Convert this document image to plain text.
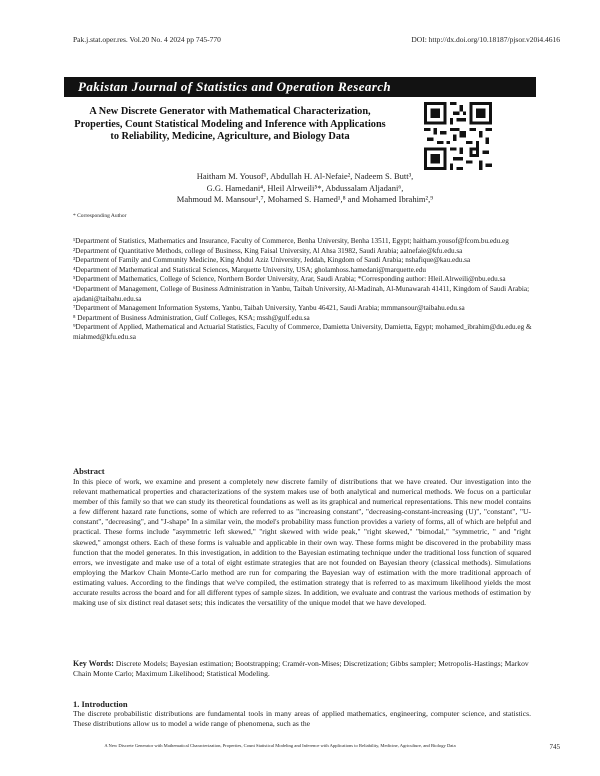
Pak.j.stat.oper.res. Vol.20 No. 4 2024 pp 745-770	DOI: http://dx.doi.org/10.18187/pjsor.v20i4.4616
Pakistan Journal of Statistics and Operation Research
A New Discrete Generator with Mathematical Characterization, Properties, Count Statistical Modeling and Inference with Applications to Reliability, Medicine, Agriculture, and Biology Data
Haitham M. Yousof¹, Abdullah H. Al-Nefaie², Nadeem S. Butt³,
G.G. Hamedani⁴, Hleil Alrweili⁵*, Abdussalam Aljadani⁶,
Mahmoud M. Mansour¹,⁷, Mohamed S. Hamed¹,⁸ and Mohamed Ibrahim²,⁹
* Corresponding Author
¹Department of Statistics, Mathematics and Insurance, Faculty of Commerce, Benha University, Benha 13511, Egypt; haitham.yousof@fcom.bu.edu.eg
²Department of Quantitative Methods, college of Business, King Faisal University, Al Ahsa 31982, Saudi Arabia; aalnefaie@kfu.edu.sa
³Department of Family and Community Medicine, King Abdul Aziz University, Jeddah, Kingdom of Saudi Arabia; nshafique@kau.edu.sa
⁴Department of Mathematical and Statistical Sciences, Marquette University, USA; gholamhoss.hamedani@marquette.edu
⁵Department of Mathematics, College of Science, Northern Border University, Arar, Saudi Arabia; *Corresponding author: Hleil.Alrweili@nbu.edu.sa
⁶Department of Management, College of Business Administration in Yanbu, Taibah University, Al-Madinah, Al-Munawarah 41411, Kingdom of Saudi Arabia; ajadani@taibahu.edu.sa
⁷Department of Management Information Systems, Yanbu, Taibah University, Yanbu 46421, Saudi Arabia; mmmansour@taibahu.edu.sa
⁸ Department of Business Administration, Gulf Colleges, KSA; mssh@gulf.edu.sa
⁹Department of Applied, Mathematical and Actuarial Statistics, Faculty of Commerce, Damietta University, Damietta, Egypt; mohamed_ibrahim@du.edu.eg & miahmed@kfu.edu.sa
Abstract
In this piece of work, we examine and present a completely new discrete family of distributions that we have created. Our investigation into the relevant mathematical properties and characterizations of the system makes use of both analytical and numerical methods. We focus on a particular member of this family so that we can study its theoretical foundations as well as its graphical and numerical representations. This new model contains a few different hazard rate functions, some of which are referred to as "increasing constant", "decreasing-constant-increasing (U)", "constant", "U-constant", "decreasing", and "J-shape" In a similar vein, the model's probability mass function provides a variety of forms, all of which are helpful and practical. These forms include "asymmetric left skewed," "right skewed with wide peak," "right skewed," "bimodal," "symmetric, " and "right skewed," amongst others. Each of these forms is valuable and applicable in their own way. These forms might be discovered in the probability mass function that the model generates. In this investigation, in addition to the Bayesian estimating technique under the traditional loss function of squared errors, we investigate and make use of a total of eight estimate strategies that are not founded on Bayesian theory (classical methods). Simulations employing the Markov Chain Monte-Carlo method are run for comparing the Bayesian way of estimation with the more traditional approach of estimating values. According to the findings that we've compiled, the estimation strategy that is referred to as maximum likelihood yields the most accurate results across the board and for all different types of sample sizes. In addition, we evaluate and contrast the various methods of estimation by making use of six distinct real dataset sets; this indicates the versatility of the unique model that we have developed.
Key Words: Discrete Models; Bayesian estimation; Bootstrapping; Cramér-von-Mises; Discretization; Gibbs sampler; Metropolis-Hastings; Markov Chain Monte Carlo; Maximum Likelihood; Statistical Modeling.
1. Introduction
The discrete probabilistic distributions are fundamental tools in many areas of applied mathematics, engineering, computer science, and statistics. These distributions allow us to model a wide range of phenomena, such as the
A New Discrete Generator with Mathematical Characterization, Properties, Count Statistical Modeling and Inference with Applications to Reliability, Medicine, Agriculture, and Biology Data	745
